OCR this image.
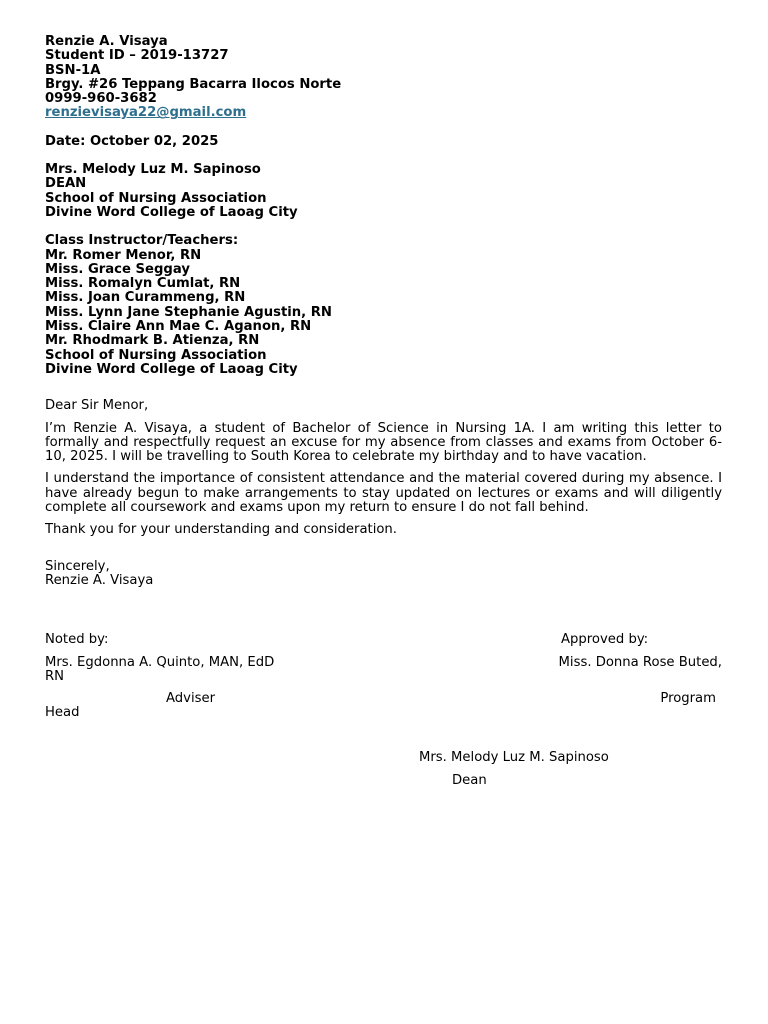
Renzie A. Visaya
Student ID – 2019-13727
BSN-1A
Brgy. #26 Teppang Bacarra Ilocos Norte
0999-960-3682
renzievisaya22@gmail.com
Date: October 02, 2025
Mrs. Melody Luz M. Sapinoso
DEAN
School of Nursing Association
Divine Word College of Laoag City
Class Instructor/Teachers:
Mr. Romer Menor, RN
Miss. Grace Seggay
Miss. Romalyn Cumlat, RN
Miss. Joan Curammeng, RN
Miss. Lynn Jane Stephanie Agustin, RN
Miss. Claire Ann Mae C. Aganon, RN
Mr. Rhodmark B. Atienza, RN
School of Nursing Association
Divine Word College of Laoag City
Dear Sir Menor,

I’m Renzie A. Visaya, a student of Bachelor of Science in Nursing 1A. I am writing this letter to formally and respectfully request an excuse for my absence from classes and exams from October 6-10, 2025. I will be travelling to South Korea to celebrate my birthday and to have vacation.

I understand the importance of consistent attendance and the material covered during my absence. I have already begun to make arrangements to stay updated on lectures or exams and will diligently complete all coursework and exams upon my return to ensure I do not fall behind.

Thank you for your understanding and consideration.

Sincerely,
Renzie A. Visaya
Noted by:	Approved by:
Mrs. Egdonna A. Quinto, MAN, EdD	Miss. Donna Rose Buted,
RN
Adviser	Program
Head
Mrs. Melody Luz M. Sapinoso
Dean
